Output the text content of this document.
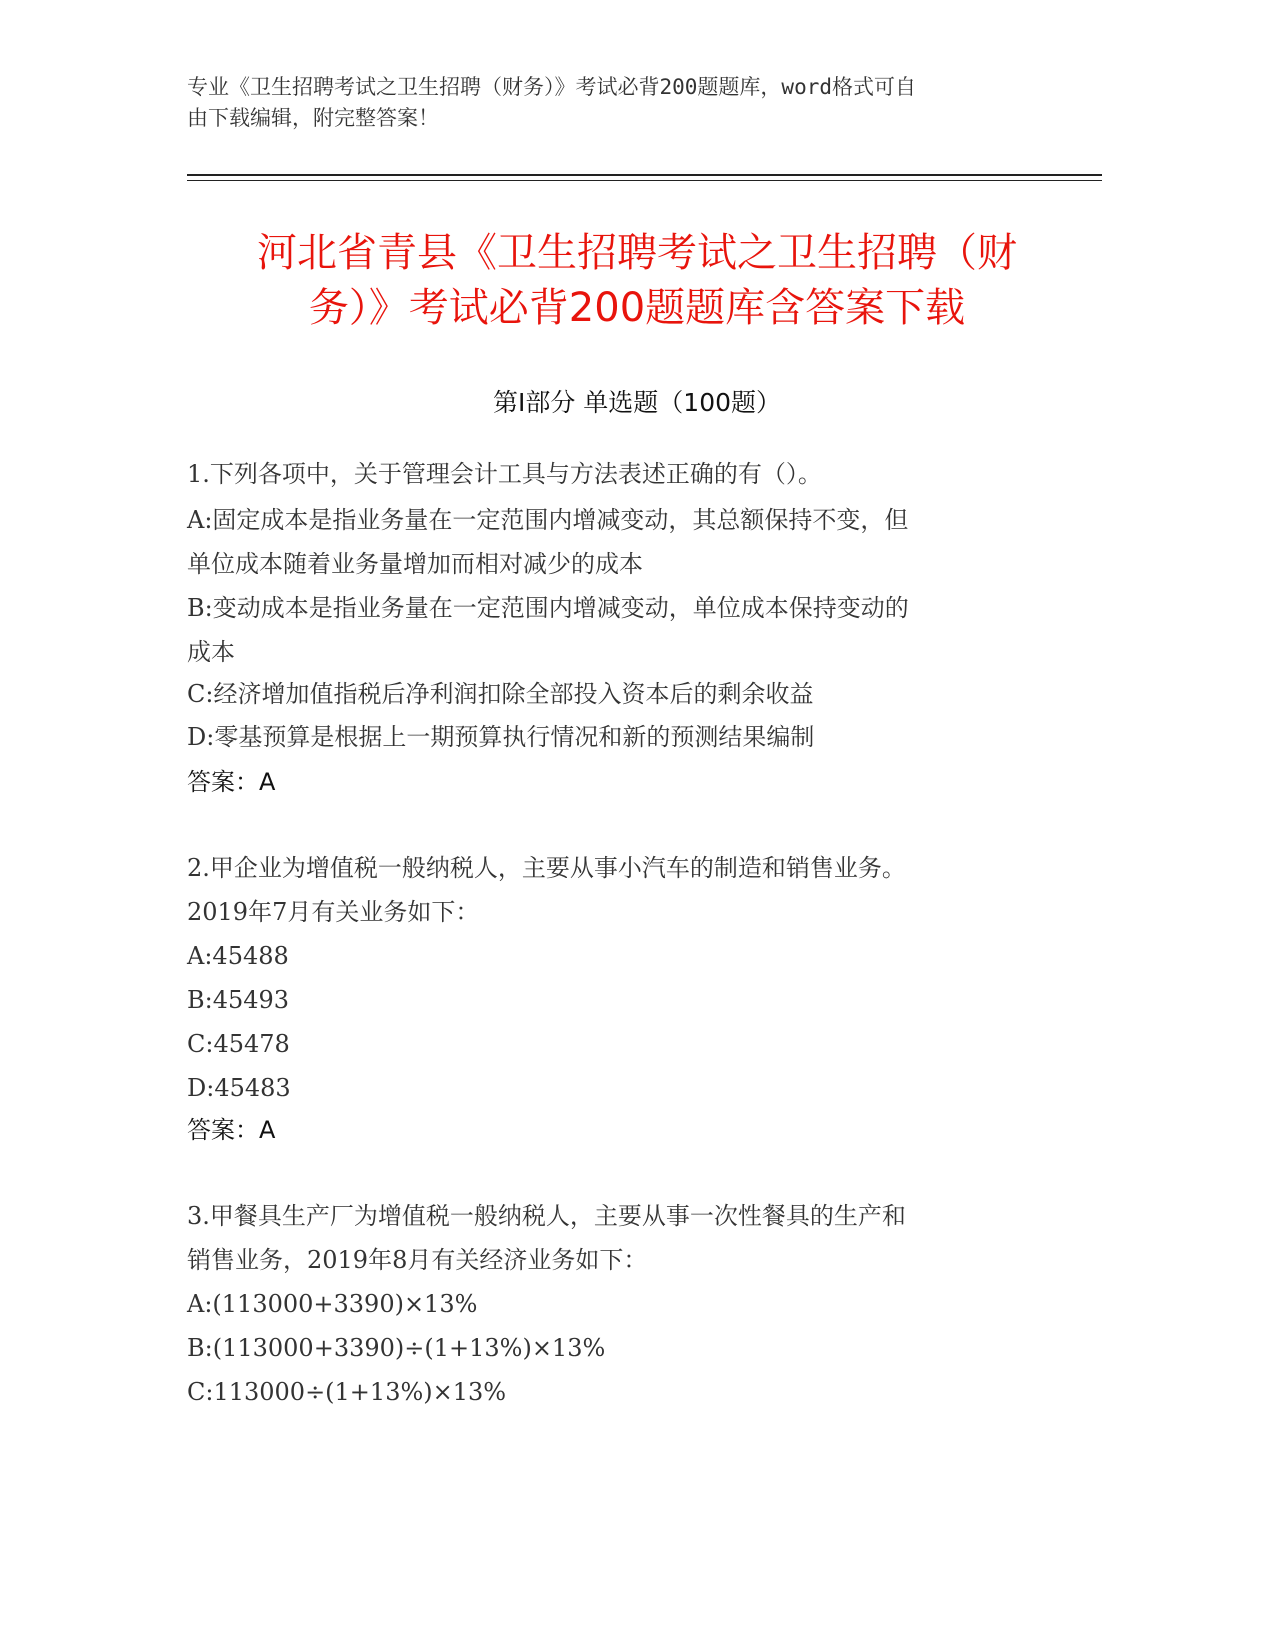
专业《卫生招聘考试之卫生招聘（财务）》考试必背200题题库，word格式可自
由下载编辑，附完整答案！
河北省青县《卫生招聘考试之卫生招聘（财
务）》考试必背200题题库含答案下载
第Ⅰ部分 单选题（100题）
1.下列各项中，关于管理会计工具与方法表述正确的有（）。
A:固定成本是指业务量在一定范围内增减变动，其总额保持不变，但
单位成本随着业务量增加而相对减少的成本
B:变动成本是指业务量在一定范围内增减变动，单位成本保持变动的
成本
C:经济增加值指税后净利润扣除全部投入资本后的剩余收益
D:零基预算是根据上一期预算执行情况和新的预测结果编制
答案：A
2.甲企业为增值税一般纳税人，主要从事小汽车的制造和销售业务。
2019年7月有关业务如下：
A:45488
B:45493
C:45478
D:45483
答案：A
3.甲餐具生产厂为增值税一般纳税人，主要从事一次性餐具的生产和
销售业务，2019年8月有关经济业务如下：
A:(113000+3390)×13%
B:(113000+3390)÷(1+13%)×13%
C:113000÷(1+13%)×13%
